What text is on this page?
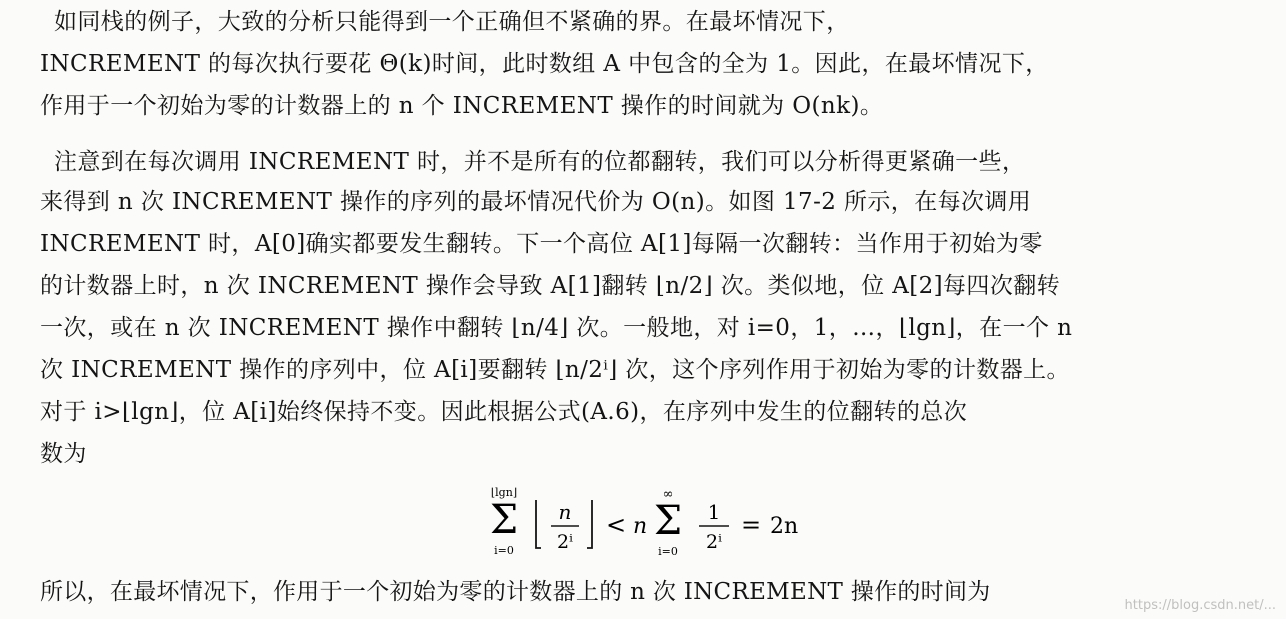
如同栈的例子，大致的分析只能得到一个正确但不紧确的界。在最坏情况下，
INCREMENT 的每次执行要花 Θ(k)时间，此时数组 A 中包含的全为 1。因此，在最坏情况下，
作用于一个初始为零的计数器上的 n 个 INCREMENT 操作的时间就为 O(nk)。
注意到在每次调用 INCREMENT 时，并不是所有的位都翻转，我们可以分析得更紧确一些，
来得到 n 次 INCREMENT 操作的序列的最坏情况代价为 O(n)。如图 17-2 所示，在每次调用
INCREMENT 时，A[0]确实都要发生翻转。下一个高位 A[1]每隔一次翻转：当作用于初始为零
的计数器上时，n 次 INCREMENT 操作会导致 A[1]翻转 ⌊n/2⌋ 次。类似地，位 A[2]每四次翻转
一次，或在 n 次 INCREMENT 操作中翻转 ⌊n/4⌋ 次。一般地，对 i=0，1，…，⌊lgn⌋，在一个 n
次 INCREMENT 操作的序列中，位 A[i]要翻转 ⌊n/2ⁱ⌋ 次，这个序列作用于初始为零的计数器上。
对于 i>⌊lgn⌋，位 A[i]始终保持不变。因此根据公式(A.6)，在序列中发生的位翻转的总次
数为
⌊lgn⌋
Σ
i=0
n
2ⁱ
< n
∞
Σ
i=0
1
2ⁱ
= 2n
所以，在最坏情况下，作用于一个初始为零的计数器上的 n 次 INCREMENT 操作的时间为
https://blog.csdn.net/...
